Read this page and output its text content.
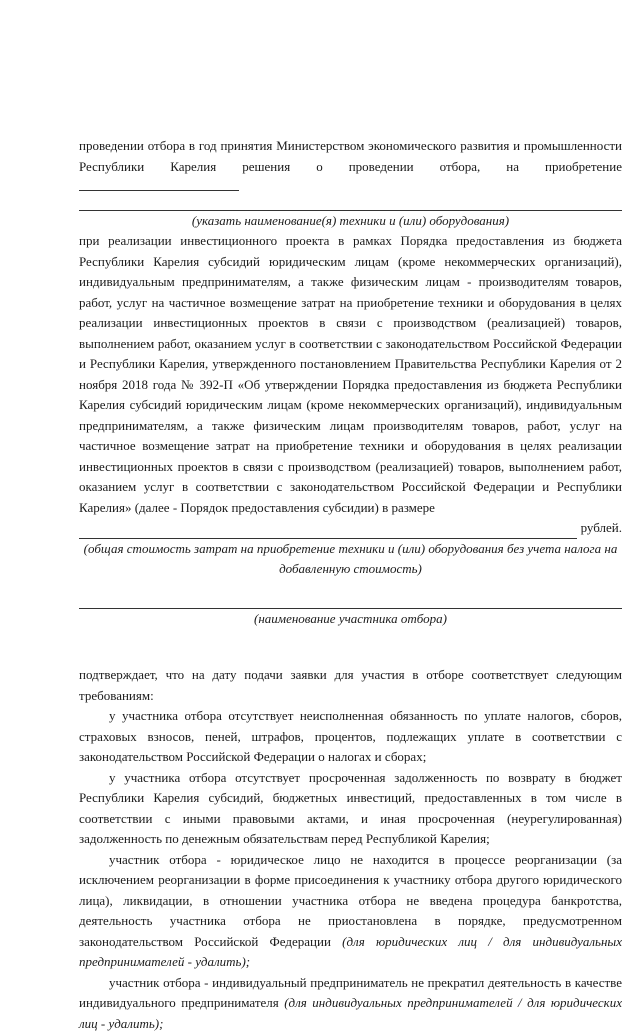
проведении отбора в год принятия Министерством экономического развития и промышленности Республики Карелия решения о проведении отбора, на приобретение

(указать наименование(я) техники и (или) оборудования)

при реализации инвестиционного проекта в рамках Порядка предоставления из бюджета Республики Карелия субсидий юридическим лицам (кроме некоммерческих организаций), индивидуальным предпринимателям, а также физическим лицам - производителям товаров, работ, услуг на частичное возмещение затрат на приобретение техники и оборудования в целях реализации инвестиционных проектов в связи с производством (реализацией) товаров, выполнением работ, оказанием услуг в соответствии с законодательством Российской Федерации и Республики Карелия, утвержденного постановлением Правительства Республики Карелия от 2 ноября 2018 года № 392-П «Об утверждении Порядка предоставления из бюджета Республики Карелия субсидий юридическим лицам (кроме некоммерческих организаций), индивидуальным предпринимателям, а также физическим лицам производителям товаров, работ, услуг на частичное возмещение затрат на приобретение техники и оборудования в целях реализации инвестиционных проектов в связи с производством (реализацией) товаров, выполнением работ, оказанием услуг в соответствии с законодательством Российской Федерации и Республики Карелия» (далее - Порядок предоставления субсидии) в размере

рублей.

(общая стоимость затрат на приобретение техники и (или) оборудования без учета налога на добавленную стоимость)

(наименование участника отбора)

подтверждает, что на дату подачи заявки для участия в отборе соответствует следующим требованиям:

у участника отбора отсутствует неисполненная обязанность по уплате налогов, сборов, страховых взносов, пеней, штрафов, процентов, подлежащих уплате в соответствии с законодательством Российской Федерации о налогах и сборах;

у участника отбора отсутствует просроченная задолженность по возврату в бюджет Республики Карелия субсидий, бюджетных инвестиций, предоставленных в том числе в соответствии с иными правовыми актами, и иная просроченная (неурегулированная) задолженность по денежным обязательствам перед Республикой Карелия;

участник отбора - юридическое лицо не находится в процессе реорганизации (за исключением реорганизации в форме присоединения к участнику отбора другого юридического лица), ликвидации, в отношении участника отбора не введена процедура банкротства, деятельность участника отбора не приостановлена в порядке, предусмотренном законодательством Российской Федерации (для юридических лиц / для индивидуальных предпринимателей - удалить);

участник отбора - индивидуальный предприниматель не прекратил деятельность в качестве индивидуального предпринимателя (для индивидуальных предпринимателей / для юридических лиц - удалить);
